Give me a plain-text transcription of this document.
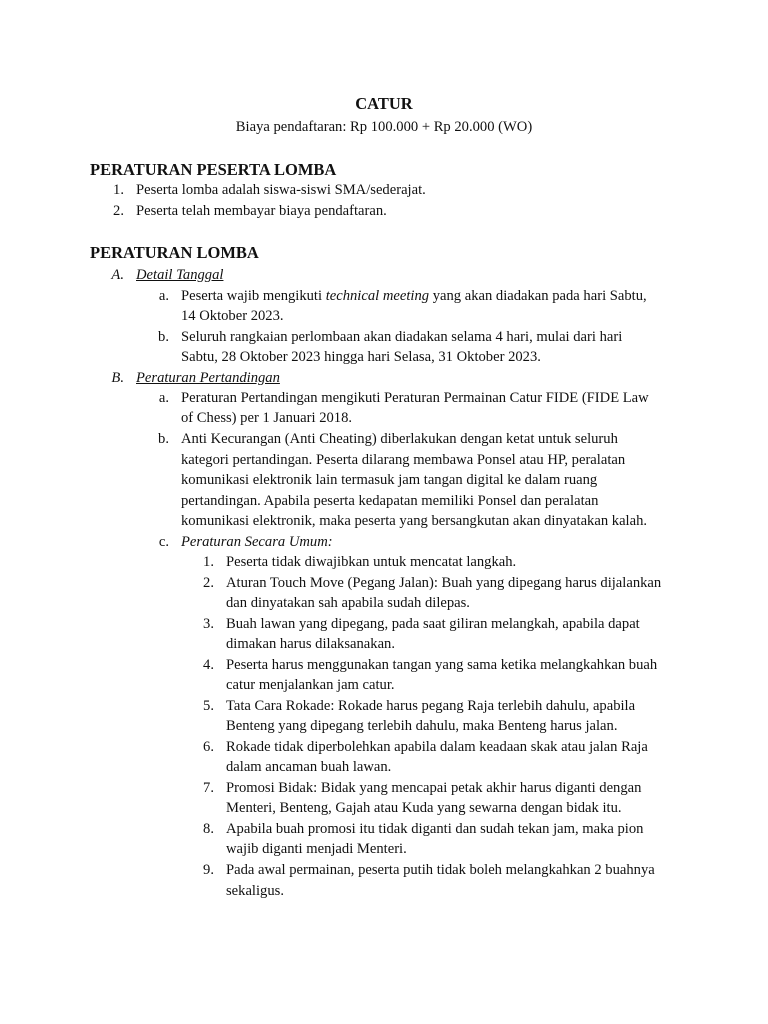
CATUR
Biaya pendaftaran: Rp 100.000 + Rp 20.000 (WO)
PERATURAN PESERTA LOMBA
1. Peserta lomba adalah siswa-siswi SMA/sederajat.
2. Peserta telah membayar biaya pendaftaran.
PERATURAN LOMBA
A. Detail Tanggal
a. Peserta wajib mengikuti technical meeting yang akan diadakan pada hari Sabtu,
14 Oktober 2023.
b. Seluruh rangkaian perlombaan akan diadakan selama 4 hari, mulai dari hari
Sabtu, 28 Oktober 2023 hingga hari Selasa, 31 Oktober 2023.
B. Peraturan Pertandingan
a. Peraturan Pertandingan mengikuti Peraturan Permainan Catur FIDE (FIDE Law
of Chess) per 1 Januari 2018.
b. Anti Kecurangan (Anti Cheating) diberlakukan dengan ketat untuk seluruh
kategori pertandingan. Peserta dilarang membawa Ponsel atau HP, peralatan
komunikasi elektronik lain termasuk jam tangan digital ke dalam ruang
pertandingan. Apabila peserta kedapatan memiliki Ponsel dan peralatan
komunikasi elektronik, maka peserta yang bersangkutan akan dinyatakan kalah.
c. Peraturan Secara Umum:
1. Peserta tidak diwajibkan untuk mencatat langkah.
2. Aturan Touch Move (Pegang Jalan): Buah yang dipegang harus dijalankan
dan dinyatakan sah apabila sudah dilepas.
3. Buah lawan yang dipegang, pada saat giliran melangkah, apabila dapat
dimakan harus dilaksanakan.
4. Peserta harus menggunakan tangan yang sama ketika melangkahkan buah
catur menjalankan jam catur.
5. Tata Cara Rokade: Rokade harus pegang Raja terlebih dahulu, apabila
Benteng yang dipegang terlebih dahulu, maka Benteng harus jalan.
6. Rokade tidak diperbolehkan apabila dalam keadaan skak atau jalan Raja
dalam ancaman buah lawan.
7. Promosi Bidak: Bidak yang mencapai petak akhir harus diganti dengan
Menteri, Benteng, Gajah atau Kuda yang sewarna dengan bidak itu.
8. Apabila buah promosi itu tidak diganti dan sudah tekan jam, maka pion
wajib diganti menjadi Menteri.
9. Pada awal permainan, peserta putih tidak boleh melangkahkan 2 buahnya
sekaligus.
